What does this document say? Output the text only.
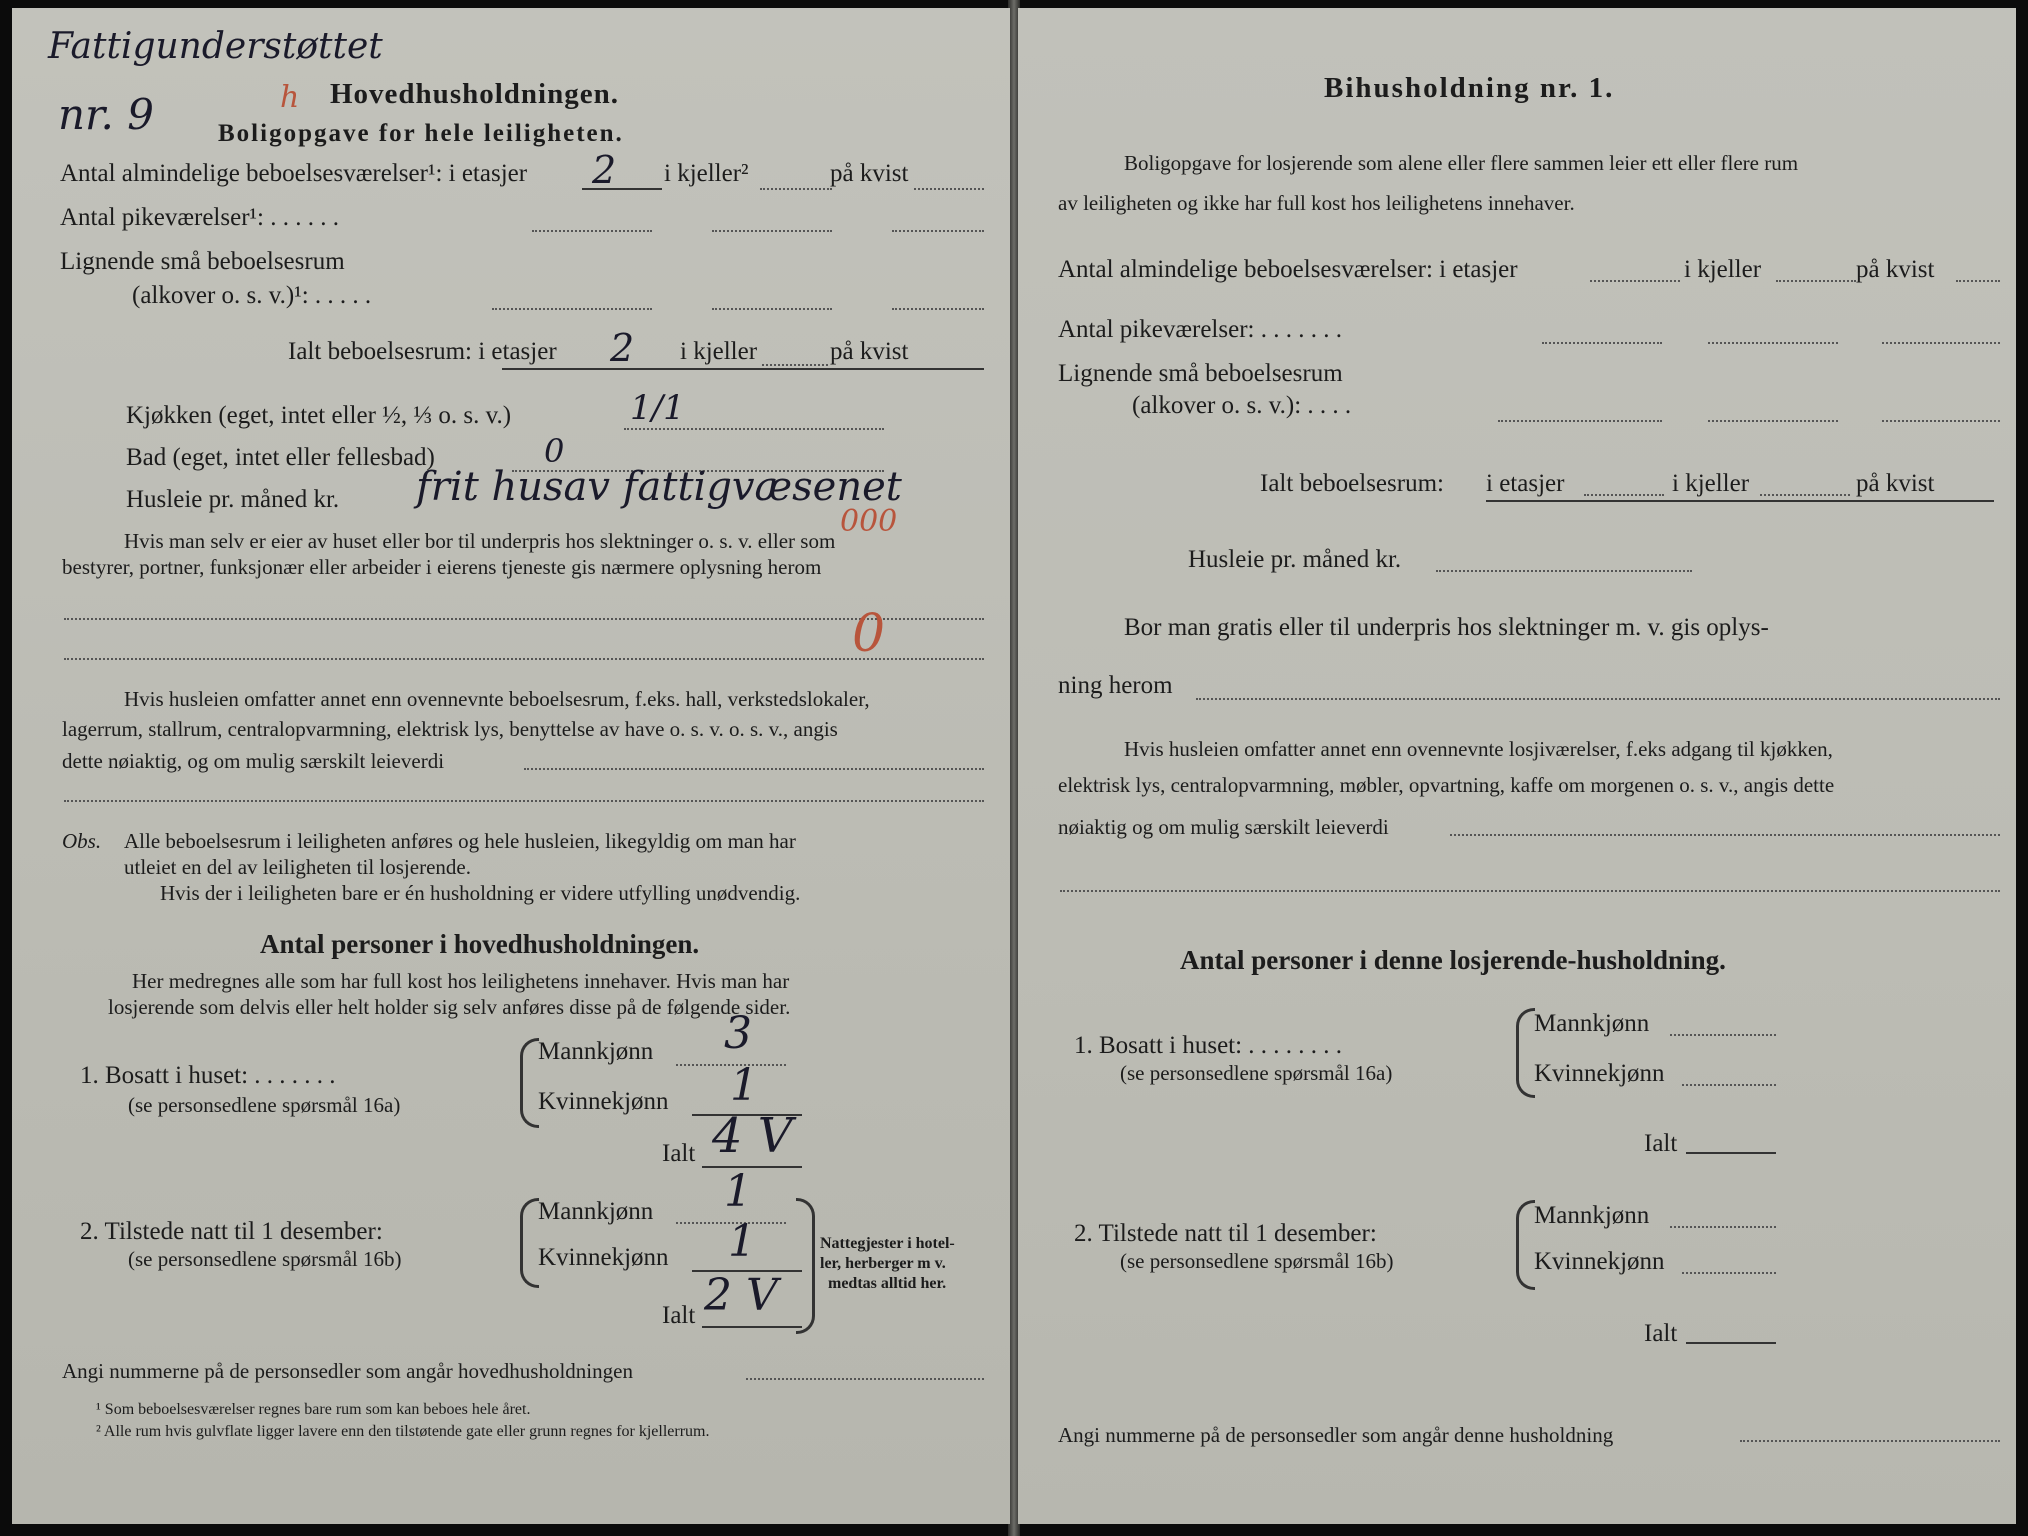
Fattigunderstøttet
nr. 9	h Hovedhusholdningen.
Boligopgave for hele leiligheten.
Antal almindelige beboelsesværelser¹: i etasjer 2 i kjeller²	på kvist
Antal pikeværelser¹: . . . . . .
Lignende små beboelsesrum
(alkover o. s. v.)¹: . . . . .
Ialt beboelsesrum: i etasjer 2 i kjeller	på kvist
Kjøkken (eget, intet eller ½, ⅓ o. s. v.)	1/1
Bad (eget, intet eller fellesbad)	0
Husleie pr. måned kr. frit husav fattigvæsenet
000
Hvis man selv er eier av huset eller bor til underpris hos slektninger o. s. v. eller som
bestyrer, portner, funksjonær eller arbeider i eierens tjeneste gis nærmere oplysning herom
0
Hvis husleien omfatter annet enn ovennevnte beboelsesrum, f.eks. hall, verkstedslokaler,
lagerrum, stallrum, centralopvarmning, elektrisk lys, benyttelse av have o. s. v. o. s. v., angis
dette nøiaktig, og om mulig særskilt leieverdi
Obs. Alle beboelsesrum i leiligheten anføres og hele husleien, likegyldig om man har
utleiet en del av leiligheten til losjerende.
Hvis der i leiligheten bare er én husholdning er videre utfylling unødvendig.
Antal personer i hovedhusholdningen.
Her medregnes alle som har full kost hos leilighetens innehaver. Hvis man har
losjerende som delvis eller helt holder sig selv anføres disse på de følgende sider.
1. Bosatt i huset: . . . . . . .
(se personsedlene spørsmål 16a)
Mannkjønn 3
Kvinnekjønn 1
Ialt 4 V
2. Tilstede natt til 1 desember:
(se personsedlene spørsmål 16b)
Mannkjønn 1
Kvinnekjønn 1
Ialt 2 V
Nattegjester i hotel-
ler, herberger m v.
medtas alltid her.
Angi nummerne på de personsedler som angår hovedhusholdningen
¹ Som beboelsesværelser regnes bare rum som kan beboes hele året.
² Alle rum hvis gulvflate ligger lavere enn den tilstøtende gate eller grunn regnes for kjellerrum.
Bihusholdning nr. 1.
Boligopgave for losjerende som alene eller flere sammen leier ett eller flere rum
av leiligheten og ikke har full kost hos leilighetens innehaver.
Antal almindelige beboelsesværelser: i etasjer	i kjeller	på kvist
Antal pikeværelser: . . . . . . .
Lignende små beboelsesrum
(alkover o. s. v.): . . . .
Ialt beboelsesrum: i etasjer	i kjeller	på kvist
Husleie pr. måned kr.
Bor man gratis eller til underpris hos slektninger m. v. gis oplys-
ning herom
Hvis husleien omfatter annet enn ovennevnte losjiværelser, f.eks adgang til kjøkken,
elektrisk lys, centralopvarmning, møbler, opvartning, kaffe om morgenen o. s. v., angis dette
nøiaktig og om mulig særskilt leieverdi
Antal personer i denne losjerende-husholdning.
1. Bosatt i huset: . . . . . . . .
(se personsedlene spørsmål 16a)
Mannkjønn
Kvinnekjønn
Ialt
2. Tilstede natt til 1 desember:
(se personsedlene spørsmål 16b)
Mannkjønn
Kvinnekjønn
Ialt
Angi nummerne på de personsedler som angår denne husholdning
